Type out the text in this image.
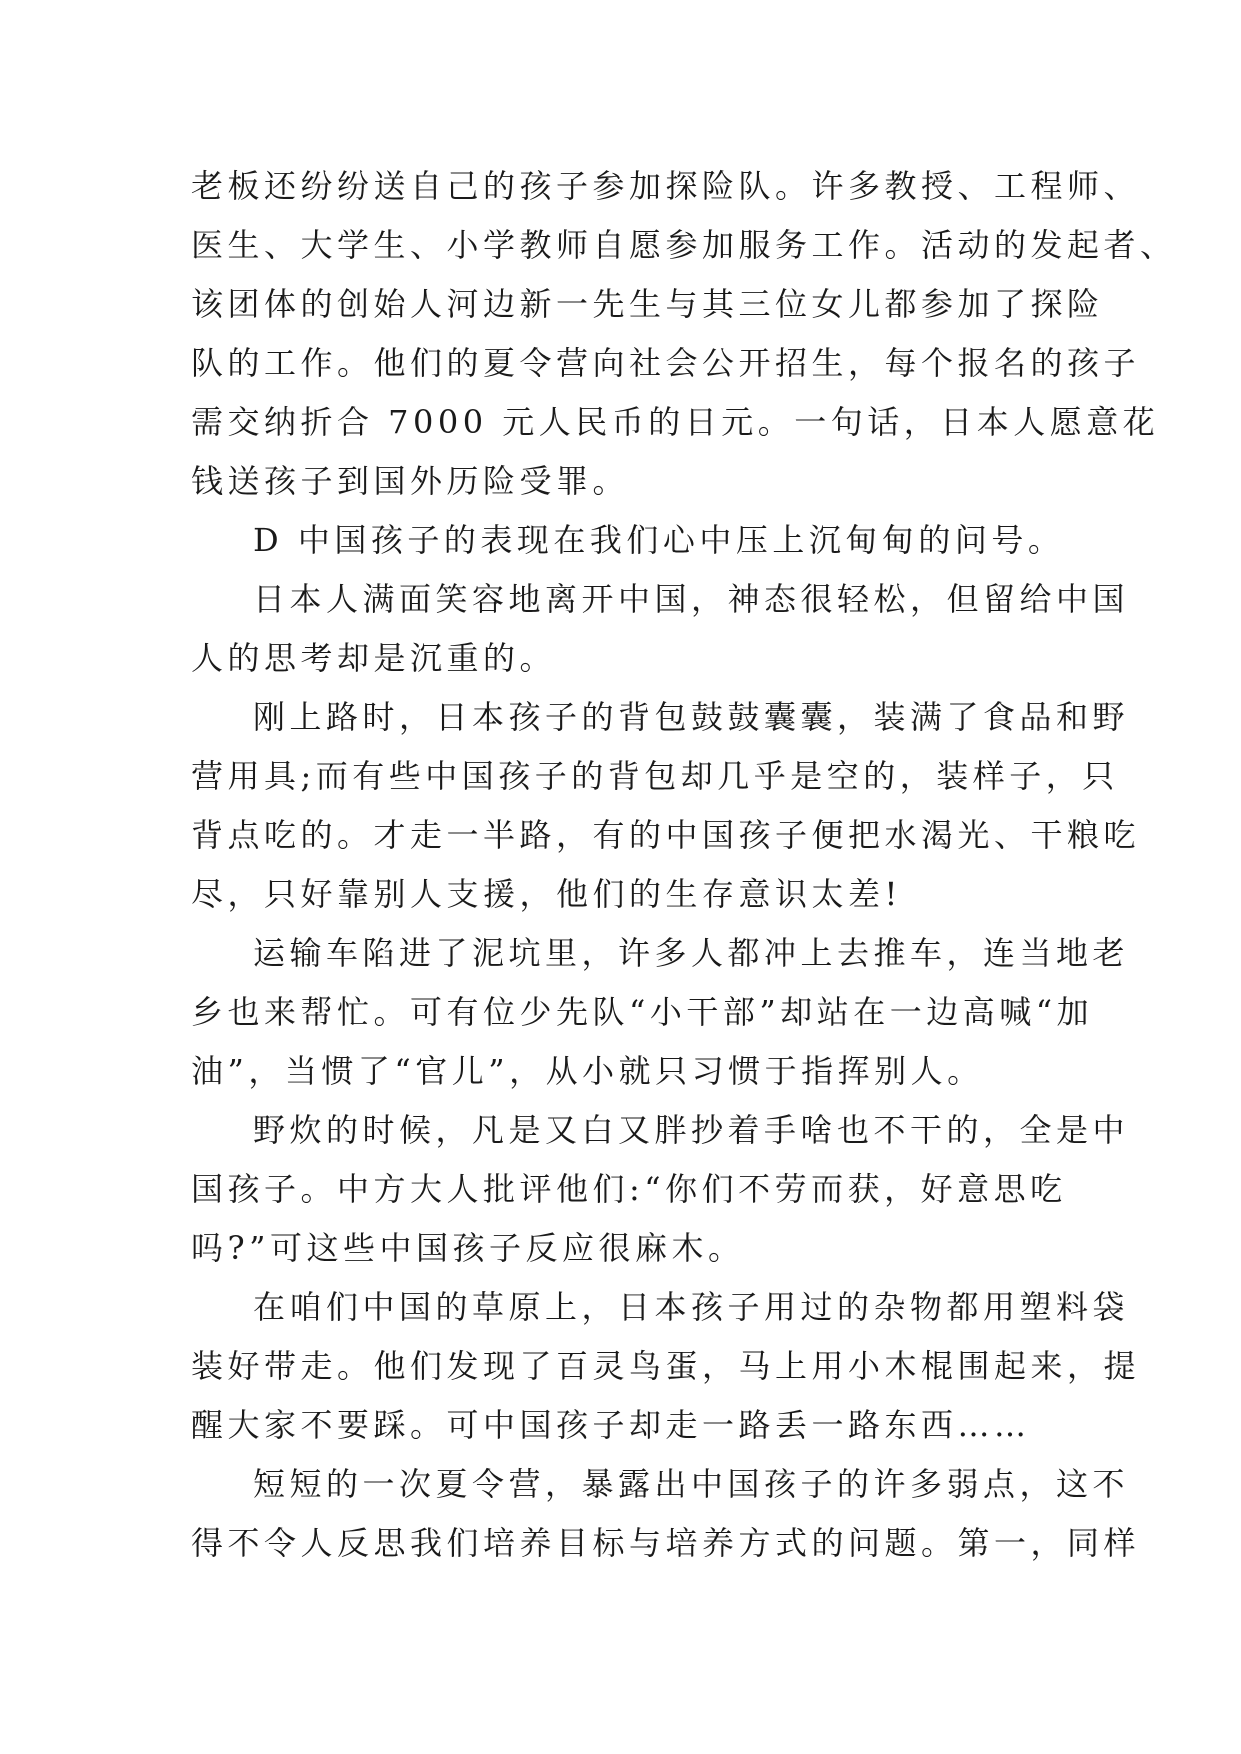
老板还纷纷送自己的孩子参加探险队。许多教授、工程师、
医生、大学生、小学教师自愿参加服务工作。活动的发起者、
该团体的创始人河边新一先生与其三位女儿都参加了探险
队的工作。他们的夏令营向社会公开招生，每个报名的孩子
需交纳折合 7000 元人民币的日元。一句话，日本人愿意花
钱送孩子到国外历险受罪。
D 中国孩子的表现在我们心中压上沉甸甸的问号。
日本人满面笑容地离开中国，神态很轻松，但留给中国
人的思考却是沉重的。
刚上路时，日本孩子的背包鼓鼓囊囊，装满了食品和野
营用具;而有些中国孩子的背包却几乎是空的，装样子，只
背点吃的。才走一半路，有的中国孩子便把水渴光、干粮吃
尽，只好靠别人支援，他们的生存意识太差!
运输车陷进了泥坑里，许多人都冲上去推车，连当地老
乡也来帮忙。可有位少先队“小干部”却站在一边高喊“加
油”，当惯了“官儿”，从小就只习惯于指挥别人。
野炊的时候，凡是又白又胖抄着手啥也不干的，全是中
国孩子。中方大人批评他们:“你们不劳而获，好意思吃
吗?”可这些中国孩子反应很麻木。
在咱们中国的草原上，日本孩子用过的杂物都用塑料袋
装好带走。他们发现了百灵鸟蛋，马上用小木棍围起来，提
醒大家不要踩。可中国孩子却走一路丢一路东西……
短短的一次夏令营，暴露出中国孩子的许多弱点，这不
得不令人反思我们培养目标与培养方式的问题。第一，同样
